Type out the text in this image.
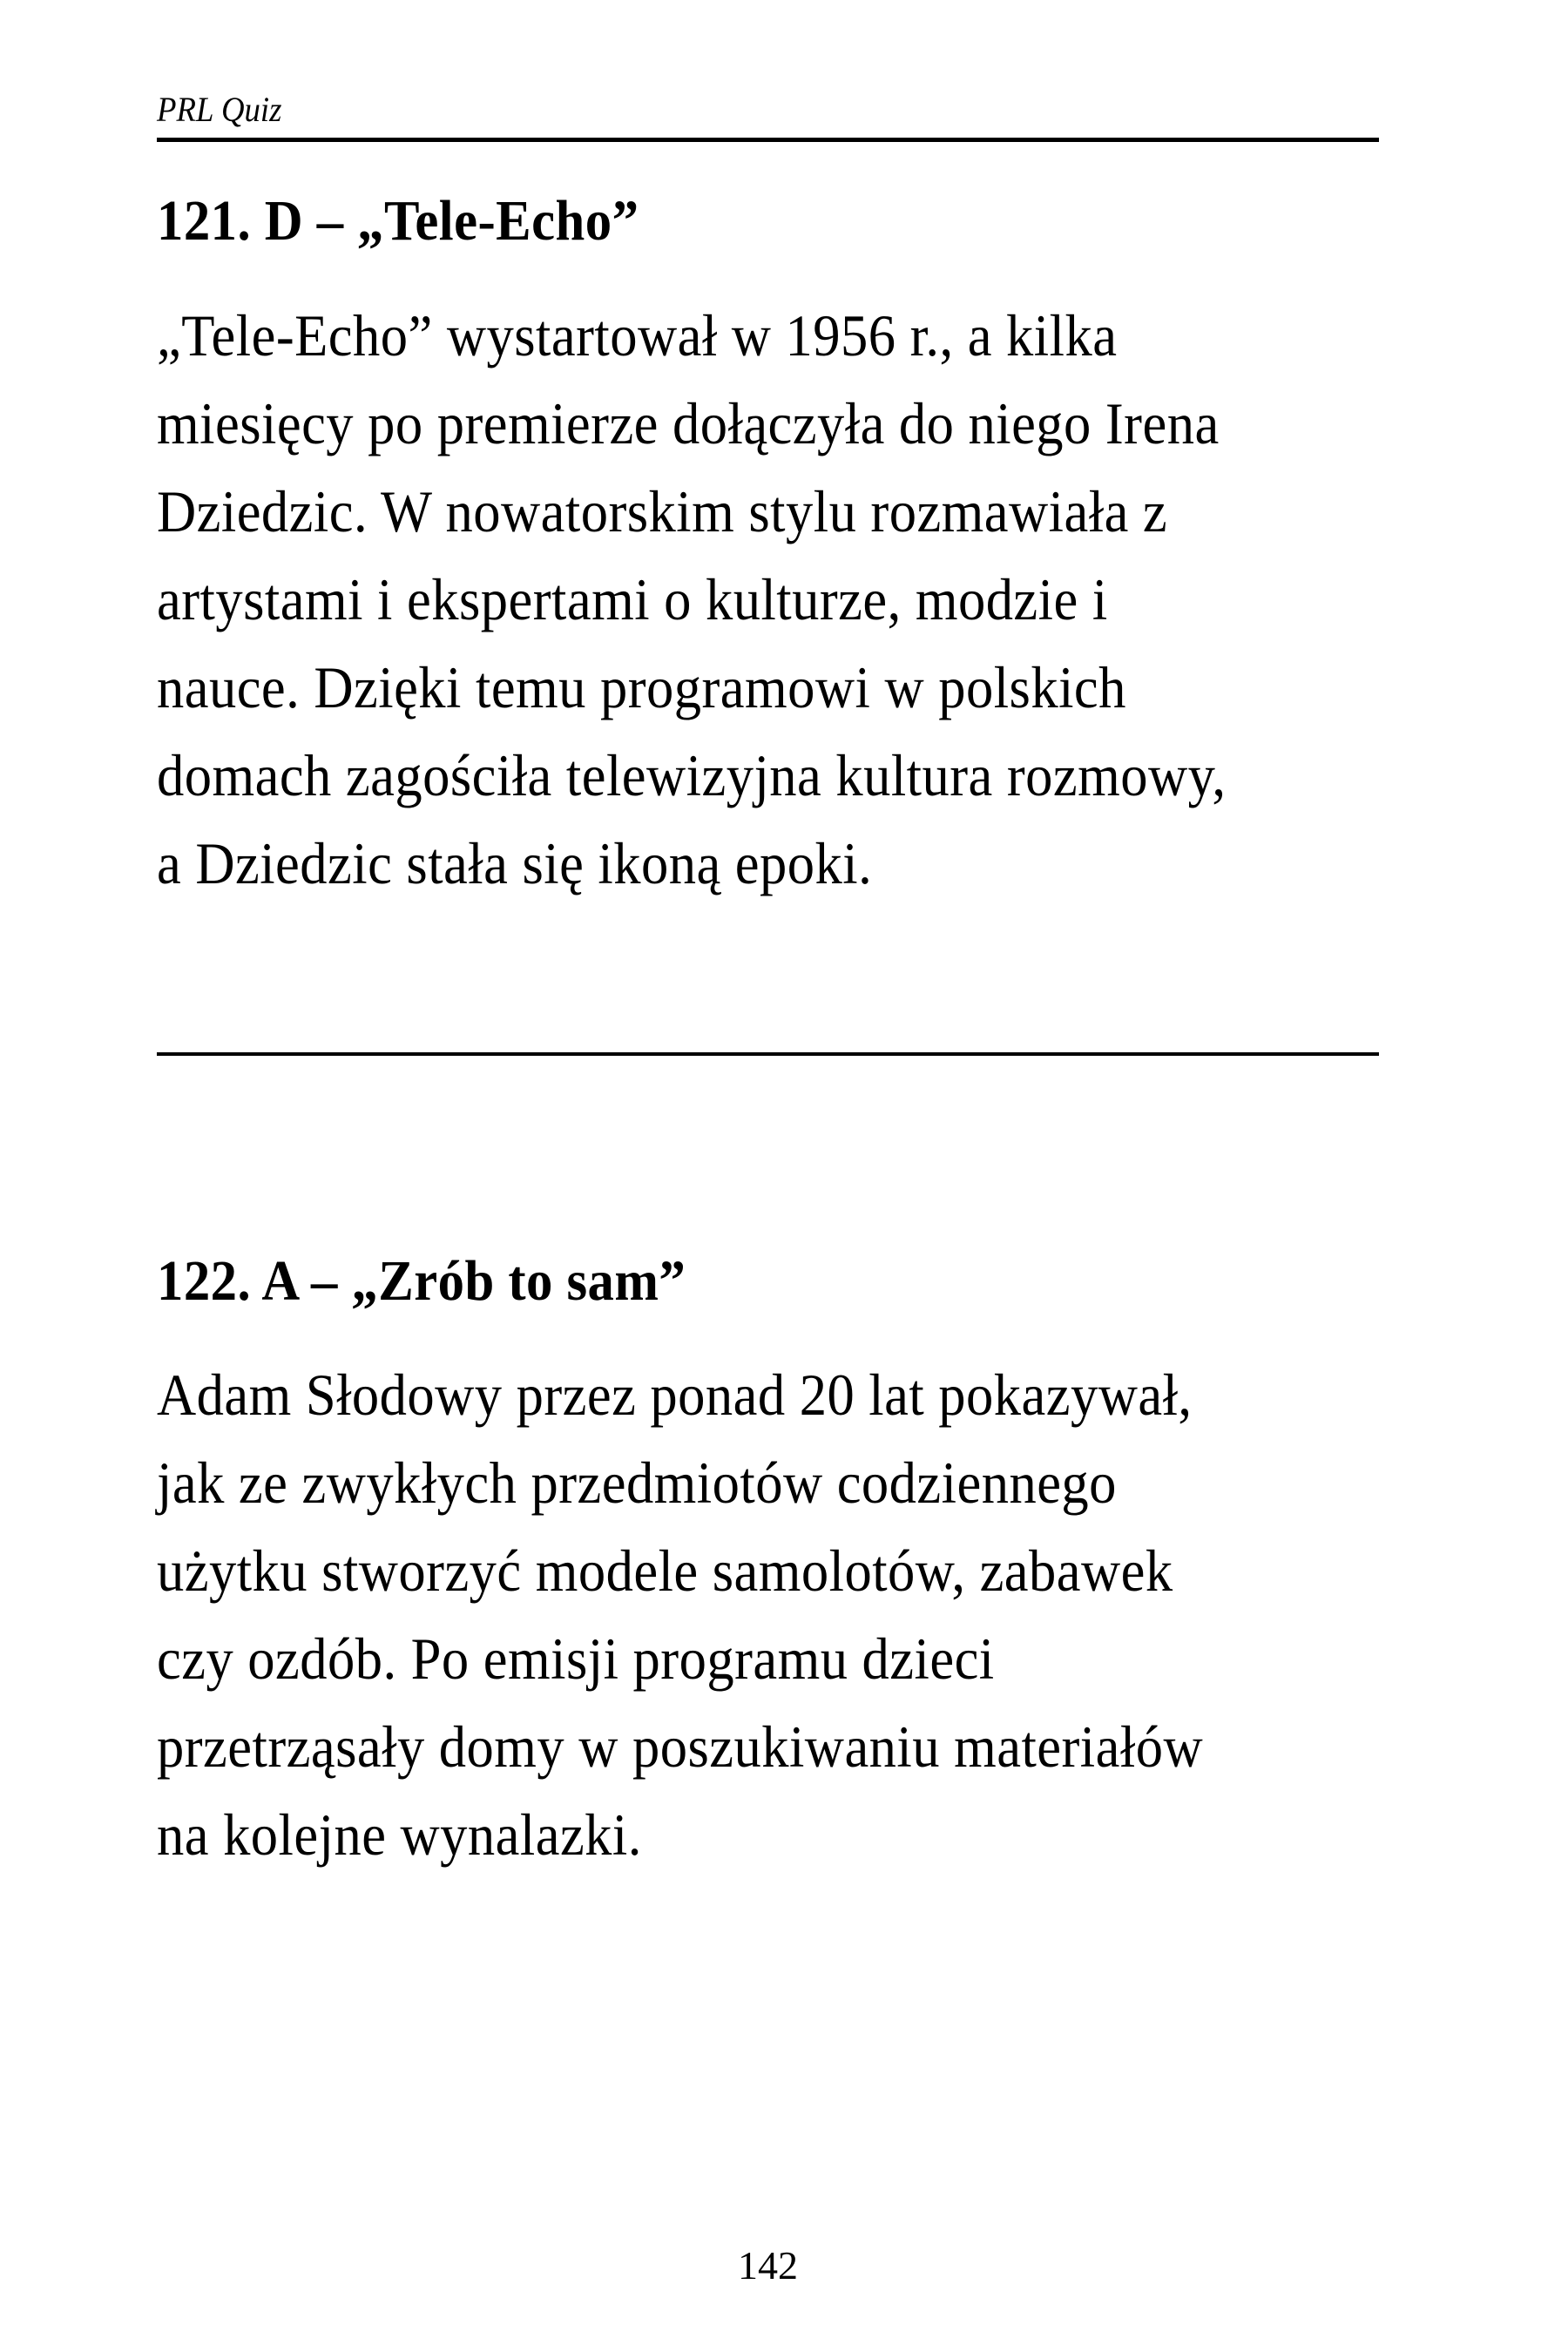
PRL Quiz
121. D – „Tele-Echo”
„Tele-Echo” wystartował w 1956 r., a kilka
miesięcy po premierze dołączyła do niego Irena
Dziedzic. W nowatorskim stylu rozmawiała z
artystami i ekspertami o kulturze, modzie i
nauce. Dzięki temu programowi w polskich
domach zagościła telewizyjna kultura rozmowy,
a Dziedzic stała się ikoną epoki.
122. A – „Zrób to sam”
Adam Słodowy przez ponad 20 lat pokazywał,
jak ze zwykłych przedmiotów codziennego
użytku stworzyć modele samolotów, zabawek
czy ozdób. Po emisji programu dzieci
przetrząsały domy w poszukiwaniu materiałów
na kolejne wynalazki.
142
